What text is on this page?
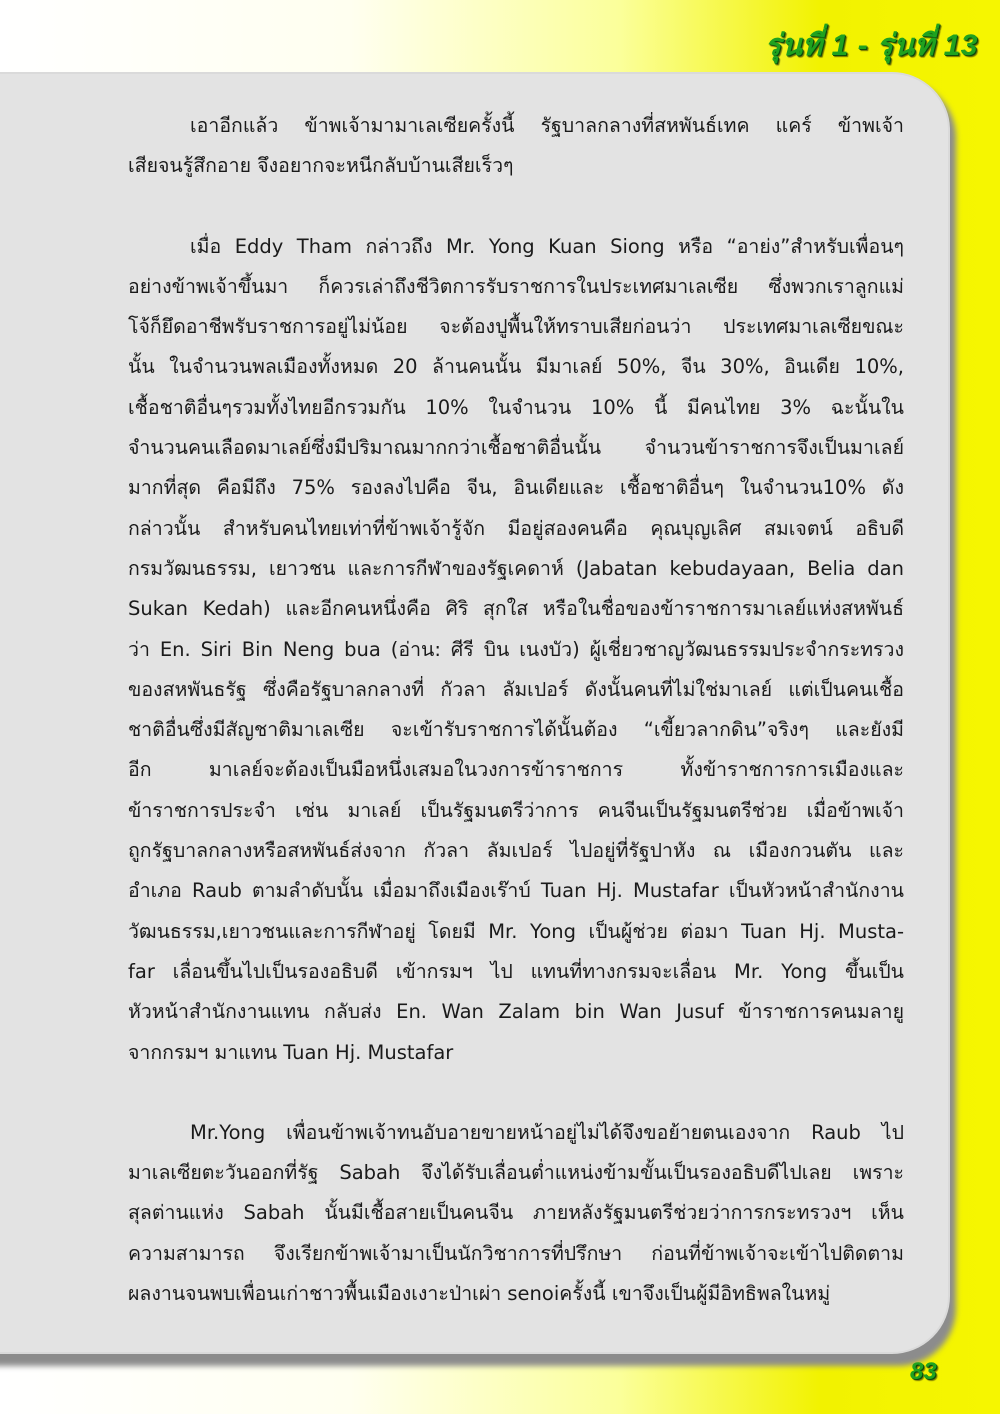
รุ่นที่ 1 - รุ่นที่ 13
เอาอีกแล้ว ข้าพเจ้ามามาเลเซียครั้งนี้ รัฐบาลกลางที่สหพันธ์เทค แคร์ ข้าพเจ้า
เสียจนรู้สึกอาย จึงอยากจะหนีกลับบ้านเสียเร็วๆ
เมื่อ Eddy Tham กล่าวถึง Mr. Yong Kuan Siong หรือ “อาย่ง”สำหรับเพื่อนๆ
อย่างข้าพเจ้าขึ้นมา ก็ควรเล่าถึงชีวิตการรับราชการในประเทศมาเลเซีย ซึ่งพวกเราลูกแม่
โจ้ก็ยึดอาชีพรับราชการอยู่ไม่น้อย จะต้องปูพื้นให้ทราบเสียก่อนว่า ประเทศมาเลเซียขณะ
นั้น ในจำนวนพลเมืองทั้งหมด 20 ล้านคนนั้น มีมาเลย์ 50%, จีน 30%, อินเดีย 10%,
เชื้อชาติอื่นๆรวมทั้งไทยอีกรวมกัน 10% ในจำนวน 10% นี้ มีคนไทย 3% ฉะนั้นใน
จำนวนคนเลือดมาเลย์ซึ่งมีปริมาณมากกว่าเชื้อชาติอื่นนั้น จำนวนข้าราชการจึงเป็นมาเลย์
มากที่สุด คือมีถึง 75% รองลงไปคือ จีน, อินเดียและ เชื้อชาติอื่นๆ ในจำนวน10% ดัง
กล่าวนั้น สำหรับคนไทยเท่าที่ข้าพเจ้ารู้จัก มีอยู่สองคนคือ คุณบุญเลิศ สมเจตน์ อธิบดี
กรมวัฒนธรรม, เยาวชน และการกีฬาของรัฐเคดาห์ (Jabatan kebudayaan, Belia dan
Sukan Kedah) และอีกคนหนึ่งคือ ศิริ สุกใส หรือในชื่อของข้าราชการมาเลย์แห่งสหพันธ์
ว่า En. Siri Bin Neng bua (อ่าน: ศีรี บิน เนงบัว) ผู้เชี่ยวชาญวัฒนธรรมประจำกระทรวง
ของสหพันธรัฐ ซึ่งคือรัฐบาลกลางที่ กัวลา ลัมเปอร์ ดังนั้นคนที่ไม่ใช่มาเลย์ แต่เป็นคนเชื้อ
ชาติอื่นซึ่งมีสัญชาติมาเลเซีย จะเข้ารับราชการได้นั้นต้อง “เขี้ยวลากดิน”จริงๆ และยังมี
อีก มาเลย์จะต้องเป็นมือหนึ่งเสมอในวงการข้าราชการ ทั้งข้าราชการการเมืองและ
ข้าราชการประจำ เช่น มาเลย์ เป็นรัฐมนตรีว่าการ คนจีนเป็นรัฐมนตรีช่วย เมื่อข้าพเจ้า
ถูกรัฐบาลกลางหรือสหพันธ์ส่งจาก กัวลา ลัมเปอร์ ไปอยู่ที่รัฐปาหัง ณ เมืองกวนตัน และ
อำเภอ Raub ตามลำดับนั้น เมื่อมาถึงเมืองเร๊าบ์ Tuan Hj. Mustafar เป็นหัวหน้าสำนักงาน
วัฒนธรรม,เยาวชนและการกีฬาอยู่ โดยมี Mr. Yong เป็นผู้ช่วย ต่อมา Tuan Hj. Musta-
far เลื่อนขึ้นไปเป็นรองอธิบดี เข้ากรมฯ ไป แทนที่ทางกรมจะเลื่อน Mr. Yong ขึ้นเป็น
หัวหน้าสำนักงานแทน กลับส่ง En. Wan Zalam bin Wan Jusuf ข้าราชการคนมลายู
จากกรมฯ มาแทน Tuan Hj. Mustafar
Mr.Yong เพื่อนข้าพเจ้าทนอับอายขายหน้าอยู่ไม่ได้จึงขอย้ายตนเองจาก Raub ไป
มาเลเซียตะวันออกที่รัฐ Sabah จึงได้รับเลื่อนต่ำแหน่งข้ามขั้นเป็นรองอธิบดีไปเลย เพราะ
สุลต่านแห่ง Sabah นั้นมีเชื้อสายเป็นคนจีน ภายหลังรัฐมนตรีช่วยว่าการกระทรวงฯ เห็น
ความสามารถ จึงเรียกข้าพเจ้ามาเป็นนักวิชาการที่ปรึกษา ก่อนที่ข้าพเจ้าจะเข้าไปติดตาม
ผลงานจนพบเพื่อนเก่าชาวพื้นเมืองเงาะป่าเผ่า senoiครั้งนี้ เขาจึงเป็นผู้มีอิทธิพลในหมู่
83
